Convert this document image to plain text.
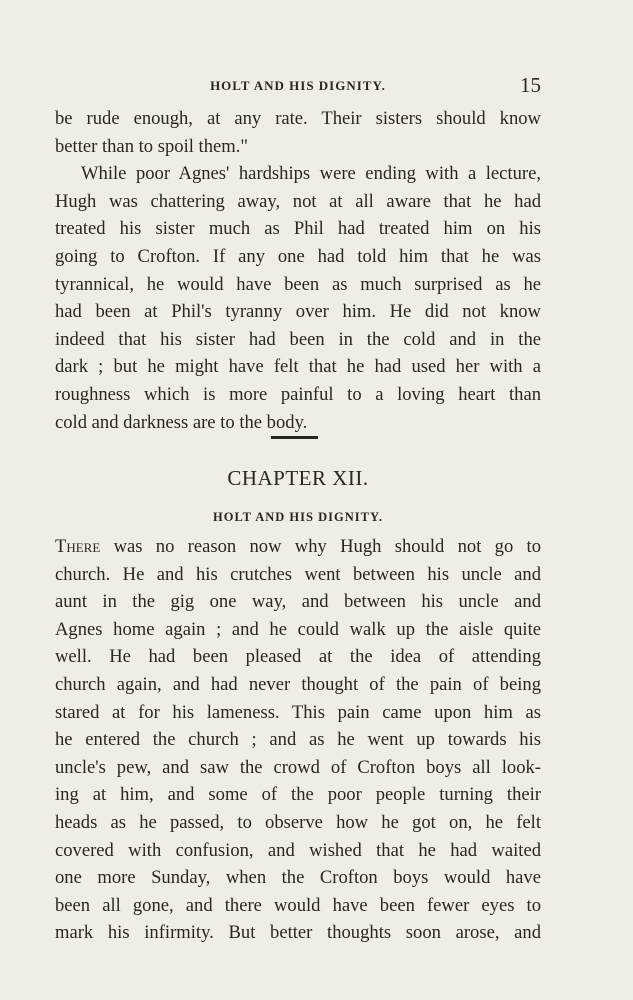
HOLT AND HIS DIGNITY.	15
be rude enough, at any rate. Their sisters should know
better than to spoil them."
While poor Agnes' hardships were ending with a lecture,
Hugh was chattering away, not at all aware that he had
treated his sister much as Phil had treated him on his
going to Crofton. If any one had told him that he was
tyrannical, he would have been as much surprised as he
had been at Phil's tyranny over him. He did not know
indeed that his sister had been in the cold and in the
dark ; but he might have felt that he had used her with a
roughness which is more painful to a loving heart than
cold and darkness are to the body.
CHAPTER XII.
HOLT AND HIS DIGNITY.
There was no reason now why Hugh should not go to
church. He and his crutches went between his uncle and
aunt in the gig one way, and between his uncle and
Agnes home again ; and he could walk up the aisle quite
well. He had been pleased at the idea of attending
church again, and had never thought of the pain of being
stared at for his lameness. This pain came upon him as
he entered the church ; and as he went up towards his
uncle's pew, and saw the crowd of Crofton boys all look-
ing at him, and some of the poor people turning their
heads as he passed, to observe how he got on, he felt
covered with confusion, and wished that he had waited
one more Sunday, when the Crofton boys would have
been all gone, and there would have been fewer eyes to
mark his infirmity. But better thoughts soon arose, and
